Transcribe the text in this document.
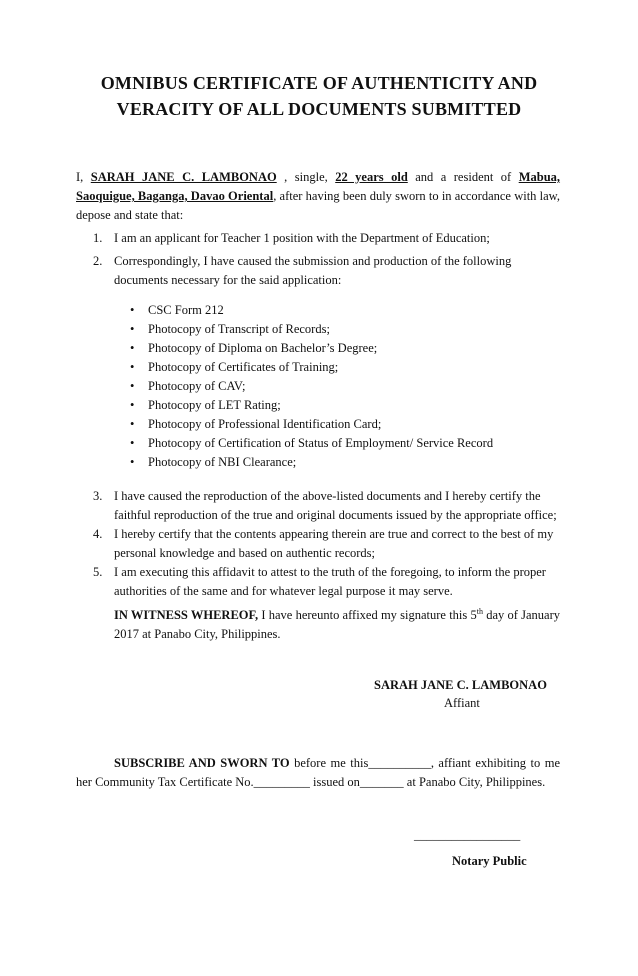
OMNIBUS CERTIFICATE OF AUTHENTICITY AND
VERACITY OF ALL DOCUMENTS SUBMITTED
I, SARAH JANE C. LAMBONAO , single, 22 years old and a resident of Mabua, Saoquigue, Baganga, Davao Oriental, after having been duly sworn to in accordance with law, depose and state that:
1. I am an applicant for Teacher 1 position with the Department of Education;
2. Correspondingly, I have caused the submission and production of the following documents necessary for the said application:
• CSC Form 212
• Photocopy of Transcript of Records;
• Photocopy of Diploma on Bachelor’s Degree;
• Photocopy of Certificates of Training;
• Photocopy of CAV;
• Photocopy of LET Rating;
• Photocopy of Professional Identification Card;
• Photocopy of Certification of Status of Employment/ Service Record
• Photocopy of NBI Clearance;
3. I have caused the reproduction of the above-listed documents and I hereby certify the faithful reproduction of the true and original documents issued by the appropriate office;
4. I hereby certify that the contents appearing therein are true and correct to the best of my personal knowledge and based on authentic records;
5. I am executing this affidavit to attest to the truth of the foregoing, to inform the proper authorities of the same and for whatever legal purpose it may serve.
IN WITNESS WHEREOF, I have hereunto affixed my signature this 5th day of January 2017 at Panabo City, Philippines.
SARAH JANE C. LAMBONAO
Affiant
SUBSCRIBE AND SWORN TO before me this__________, affiant exhibiting to me her Community Tax Certificate No._________ issued on_______ at Panabo City, Philippines.
_________________
Notary Public
